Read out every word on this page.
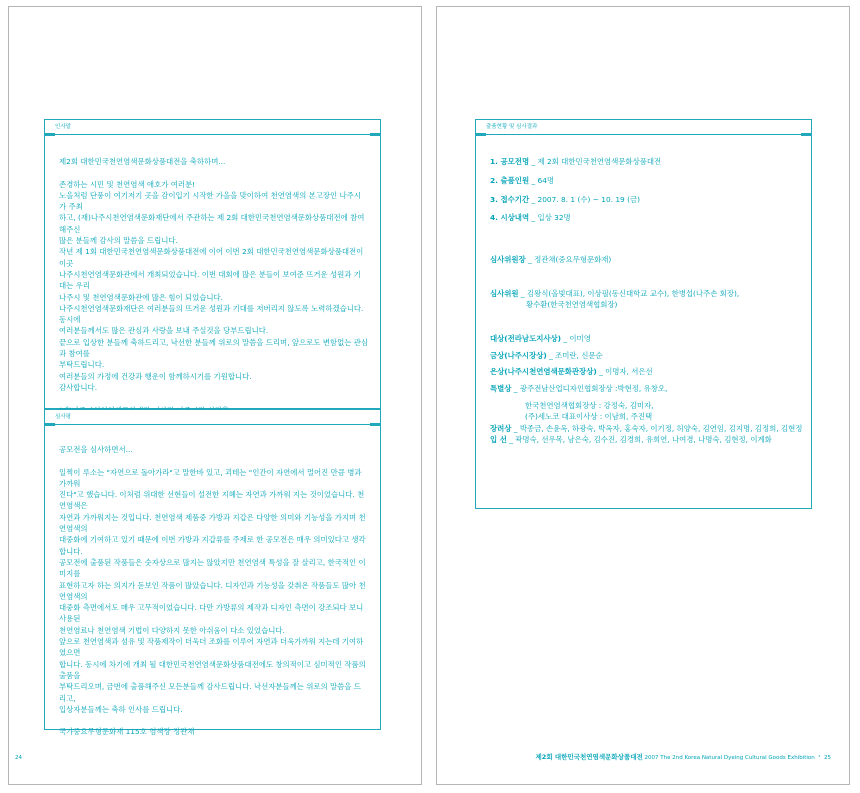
인사말

제2회 대한민국천연염색문화상품대전을 축하하며...

존경하는 시민 및 천연염색 애호가 여러분!

노을처럼 단풍이 여기저기 곳을 감이입기 시작한 가을을 맞이하여 천연염색의 본고장인 나주시가 주최

하고, (재)나주시천연염색문화재단에서 주관하는 제 2회 대한민국천연염색문화상품대전에 참여해주신

많은 분들께 감사의 말씀을 드립니다.

작년 제 1회 대한민국천연염색문화상품대전에 이어 이번 2회 대한민국천연염색문화상품대전이 이곳

나주시천연염색문화관에서 개최되었습니다. 이번 대회에 많은 분들이 보여준 뜨거운 성원과 기대는 우리

나주시 및 천연염색문화관에 많은 힘이 되었습니다.

나주시천연염색문화재단은 여러분들의 뜨거운 성원과 기대를 저버리지 않도록 노력하겠습니다. 동시에

여러분들께서도 많은 관심과 사랑을 보내 주실것을 당부드립니다.

끝으로 입상한 분들께 축하드리고, 낙선한 분들께 위로의 말씀을 드리며, 앞으로도 변함없는 관심과 참여를

부탁드립니다.

여러분들의 가정에 건강과 행운이 함께하시기를 기원합니다.

감사합니다.

심사평

공모전을 심사하면서...

일찍이 루소는 "자연으로 돌아가라"고 말한바 있고, 괴테는 "인간이 자연에서 멀어진 만큼 병과 가까워

진다"고 했습니다. 이처럼 위대한 선현들이 설전한 지혜는 자연과 가까워 지는 것이었습니다. 천연염색은

자연과 가까워지는 것입니다. 천연염색 제품중 가방과 지갑은 다양한 의미와 기능성을 가지며 천연염색의

대중화에 기여하고 있기 때문에 이번 가방과 지갑류를 주제로 한 공모전은 매우 의미있다고 생각합니다.

공모전에 출품된 작품들은 숫자상으로 많지는 않았지만 천연염색 특성을 잘 살리고, 한국적인 이미지를

표현하고자 하는 의지가 돋보인 작품이 많았습니다. 디자인과 기능성을 갖춰온 작품들도 많아 천연염색의

대중화 측면에서도 매우 고무적이었습니다. 다만 가방류의 제작과 디자인 측면이 강조되다 보니 사용된

천연염료나 천연염색 기법이 다양하지 못한 아쉬움이 다소 있었습니다.

앞으로 천연염색과 섬유 및 작품제작이 더욱더 조화를 이루어 자연과 더욱가까워 지는데 기여하였으면

합니다. 동시에 차기에 개최 될 대한민국천연염색문화상품대전에도 창의적이고 심미적인 작품의 출품을

부탁드리오며, 금번에 출품해주신 모든분들께 감사드립니다. 낙선자분들께는 위로의 말씀을 드리고,

입상자분들께는 축하 인사를 드립니다.

국가중요무형문화재 115호 염색장 정관채

24
출품현황 및 심사결과

1. 공모전명 _ 제 2회 대한민국천연염색문화상품대전

2. 출품인원 _ 64명

3. 접수기간 _ 2007. 8. 1 (수) ~ 10. 19 (금)

4. 시상내역 _ 입상 32명

심사위원장 _ 정관채(중요무형문화재)

심사위원 _ 김왕식(올빛대표), 이상필(동신대학교 교수), 한병섭(나주손 회장),

황수환(한국천연염색협회장)

대상(전라남도지사상) _ 이미영

금상(나주시장상) _ 조미란, 신문순

은상(나주시천연염색문화관장상) _ 이명자, 서은선

특별상 _ 광주전남산업디자인협회장상 :박현정, 유창오,

한국천연염색협회장상 : 강정숙, 김미자,

(주)세노코 대표이사상 : 이남희, 주진택

장려상 _ 박종금, 손윤옥, 하광숙, 박옥자, 홍숙자, 이기정, 허양숙, 김연임, 김지명, 김정희, 김현정

입 선 _ 곽명숙, 선우목, 남은숙, 김수진, 김경희, 유희연, 나여경, 나명숙, 김현정, 이계화

제2회 대한민국천연염색문화상품대전 2007 The 2nd Korea Natural Dyeing Cultural Goods Exhibition  ¹  25
